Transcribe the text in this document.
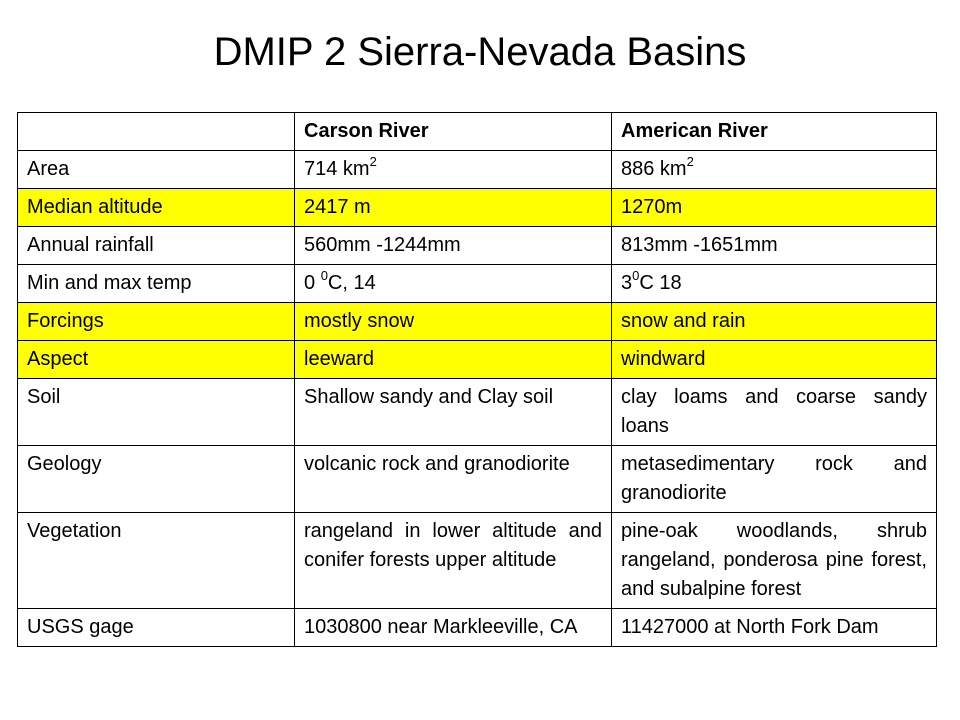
DMIP 2 Sierra-Nevada Basins
	Carson River	American River
Area	714 $km^2$	886 $km^2$
Median altitude	2417 m	1270m
Annual rainfall	560mm -1244mm	813mm -1651mm
Min and max temp	0 $^0$C, 14	$3^0C$ 18
Forcings	mostly snow	snow and rain
Aspect	leeward	windward
Soil	Shallow sandy and Clay soil	clay loams and coarse sandy loans
Geology	volcanic rock and granodiorite	metasedimentary rock and granodiorite
Vegetation	rangeland in lower altitude and conifer forests upper altitude	pine-oak woodlands, shrub rangeland, ponderosa pine forest, and subalpine forest
USGS gage	1030800 near Markleeville, CA	11427000 at North Fork Dam
